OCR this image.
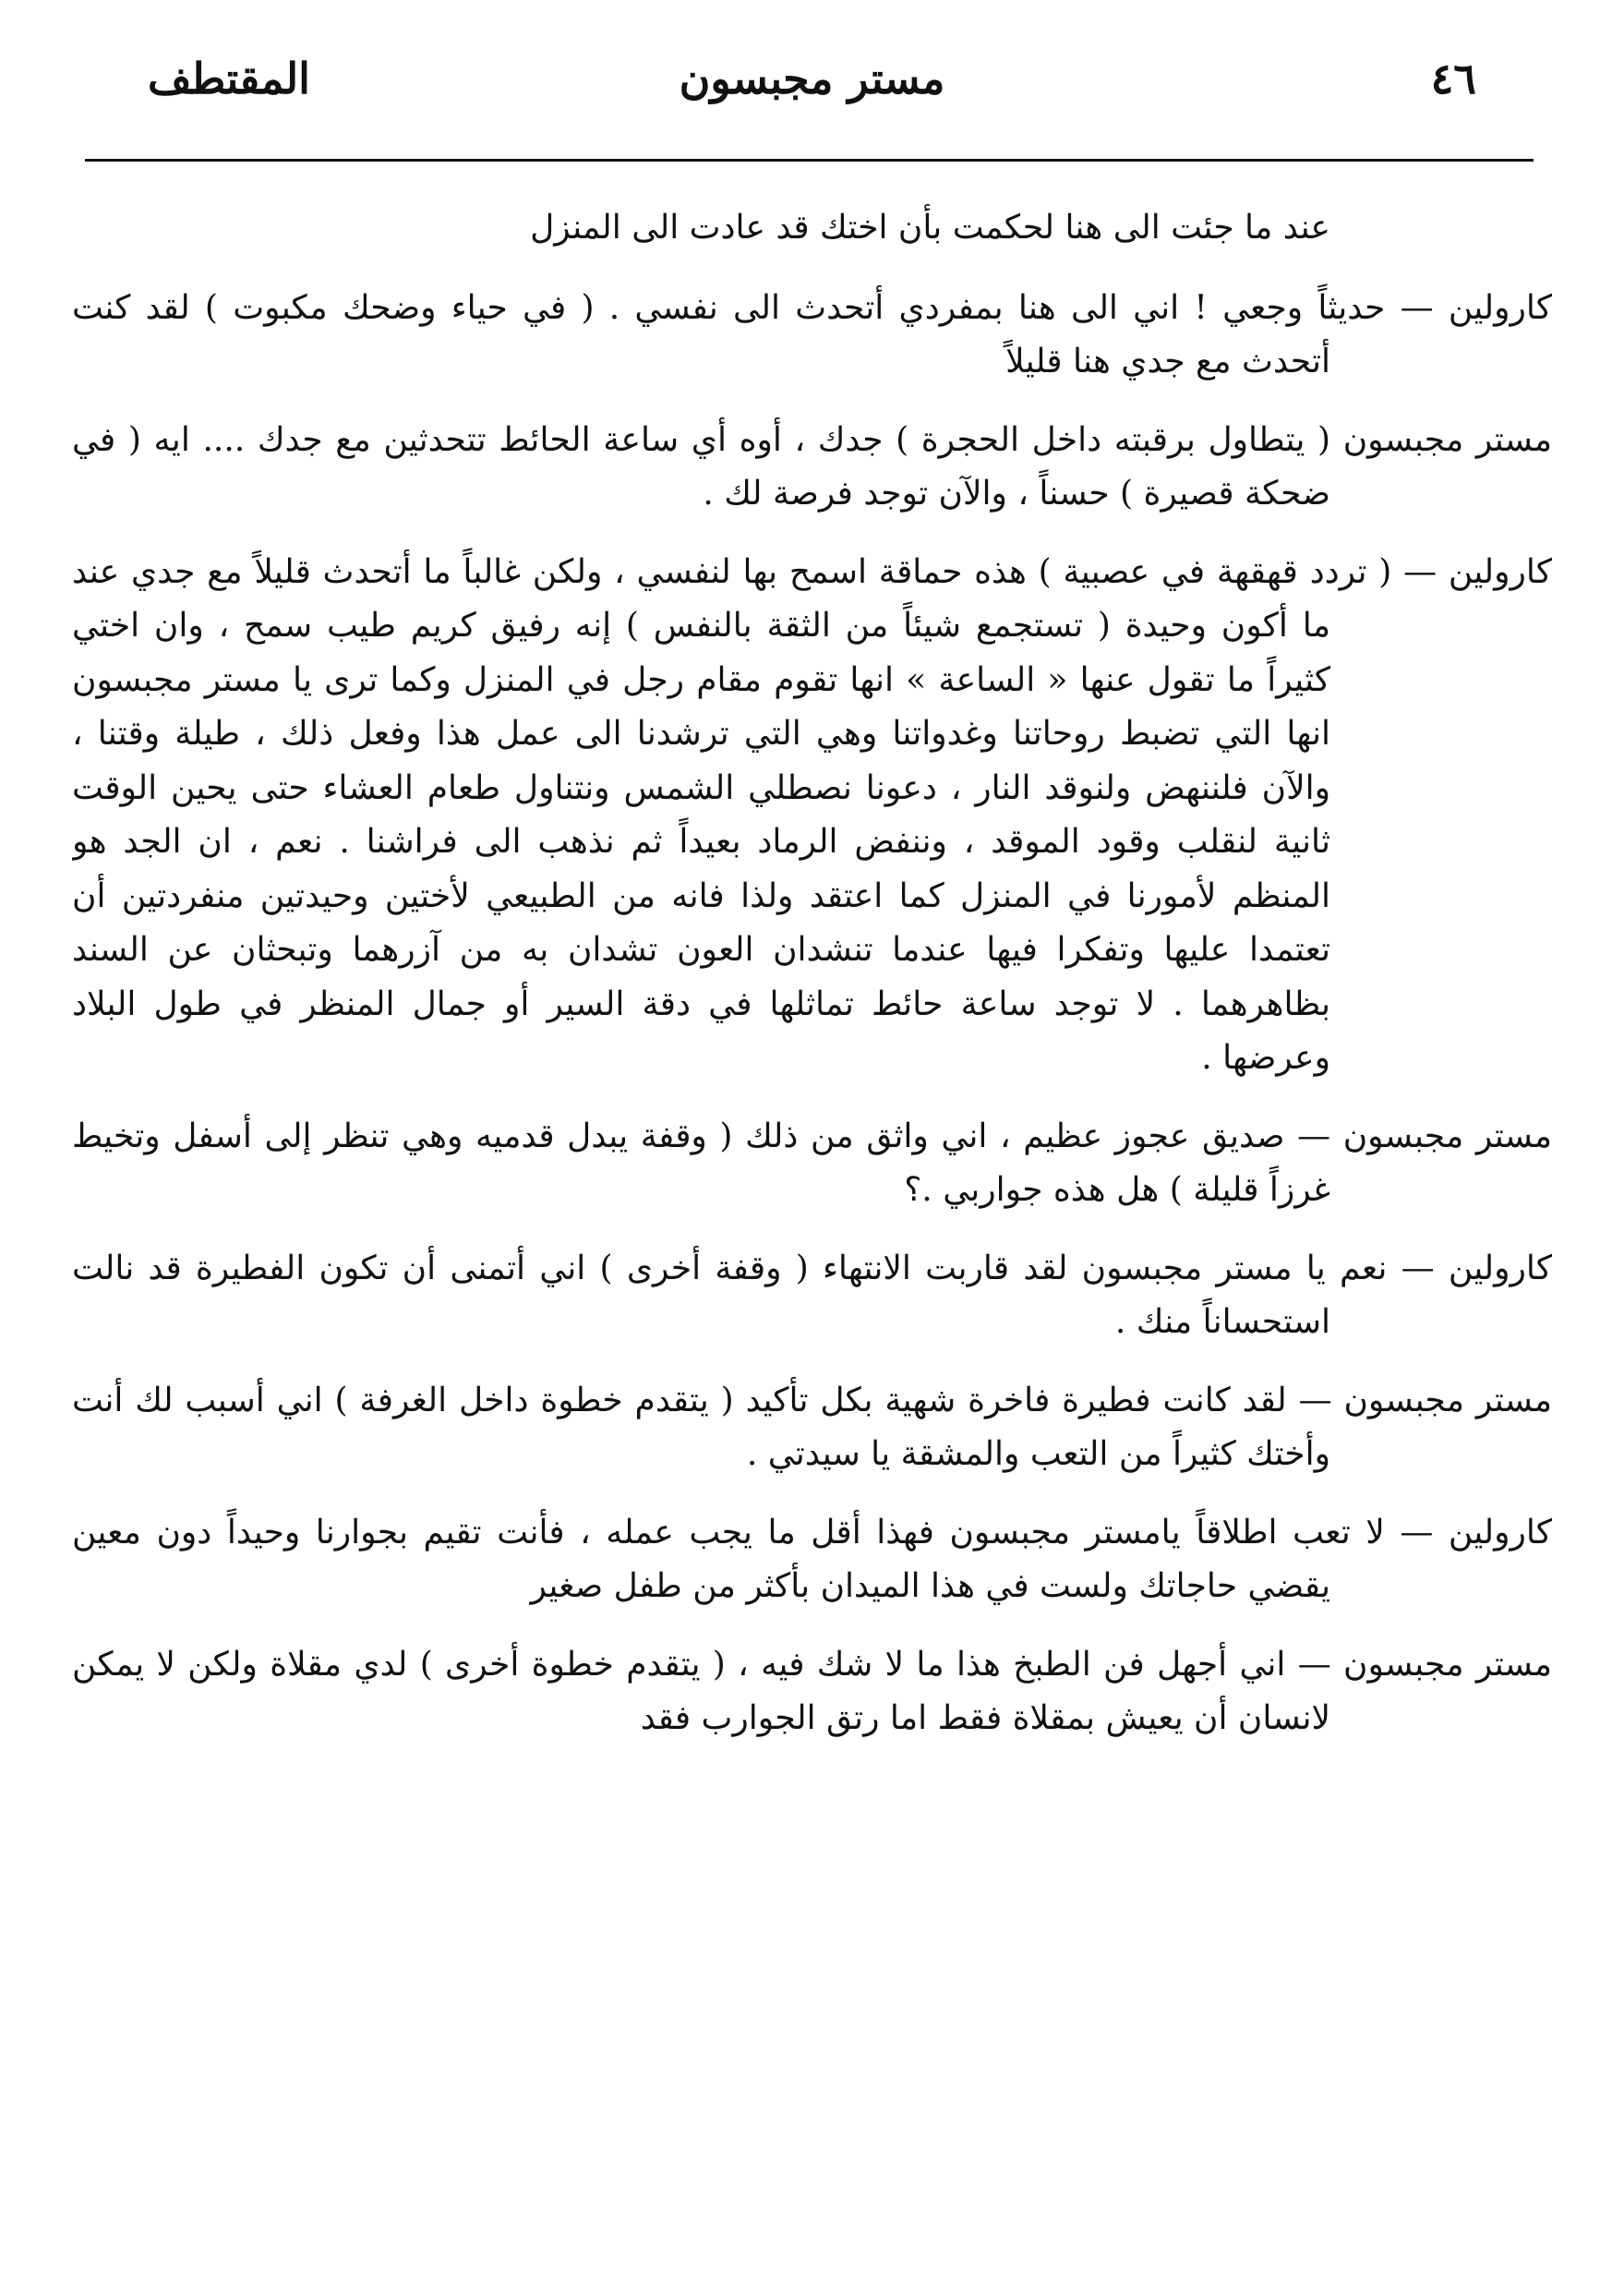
٤٦
مستر مجبسون
المقتطف

عند ما جئت الى هنا لحكمت بأن اختك قد عادت الى المنزل

كارولين — حديثاً وجعي ! اني الى هنا بمفردي أتحدث الى نفسي . ( في حياء وضحك مكبوت ) لقد كنت أتحدث مع جدي هنا قليلاً

مستر مجبسون ( يتطاول برقبته داخل الحجرة ) جدك ، أوه أي ساعة الحائط تتحدثين مع جدك .... ايه ( في ضحكة قصيرة ) حسناً ، والآن توجد فرصة لك .

كارولين — ( تردد قهقهة في عصبية ) هذه حماقة اسمح بها لنفسي ، ولكن غالباً ما أتحدث قليلاً مع جدي عند ما أكون وحيدة ( تستجمع شيئاً من الثقة بالنفس ) إنه رفيق كريم طيب سمح ، وان اختي كثيراً ما تقول عنها « الساعة » انها تقوم مقام رجل في المنزل وكما ترى يا مستر مجبسون انها التي تضبط روحاتنا وغدواتنا وهي التي ترشدنا الى عمل هذا وفعل ذلك ، طيلة وقتنا ، والآن فلننهض ولنوقد النار ، دعونا نصطلي الشمس ونتناول طعام العشاء حتى يحين الوقت ثانية لنقلب وقود الموقد ، وننفض الرماد بعيداً ثم نذهب الى فراشنا . نعم ، ان الجد هو المنظم لأمورنا في المنزل كما اعتقد ولذا فانه من الطبيعي لأختين وحيدتين منفردتين أن تعتمدا عليها وتفكرا فيها عندما تنشدان العون تشدان به من آزرهما وتبحثان عن السند بظاهرهما . لا توجد ساعة حائط تماثلها في دقة السير أو جمال المنظر في طول البلاد وعرضها .

مستر مجبسون — صديق عجوز عظيم ، اني واثق من ذلك ( وقفة يبدل قدميه وهي تنظر إلى أسفل وتخيط غرزاً قليلة ) هل هذه جواربي .؟

كارولين — نعم يا مستر مجبسون لقد قاربت الانتهاء ( وقفة أخرى ) اني أتمنى أن تكون الفطيرة قد نالت استحساناً منك .

مستر مجبسون — لقد كانت فطيرة فاخرة شهية بكل تأكيد ( يتقدم خطوة داخل الغرفة ) اني أسبب لك أنت وأختك كثيراً من التعب والمشقة يا سيدتي .

كارولين — لا تعب اطلاقاً يامستر مجبسون فهذا أقل ما يجب عمله ، فأنت تقيم بجوارنا وحيداً دون معين يقضي حاجاتك ولست في هذا الميدان بأكثر من طفل صغير

مستر مجبسون — اني أجهل فن الطبخ هذا ما لا شك فيه ، ( يتقدم خطوة أخرى ) لدي مقلاة ولكن لا يمكن لانسان أن يعيش بمقلاة فقط اما رتق الجوارب فقد
